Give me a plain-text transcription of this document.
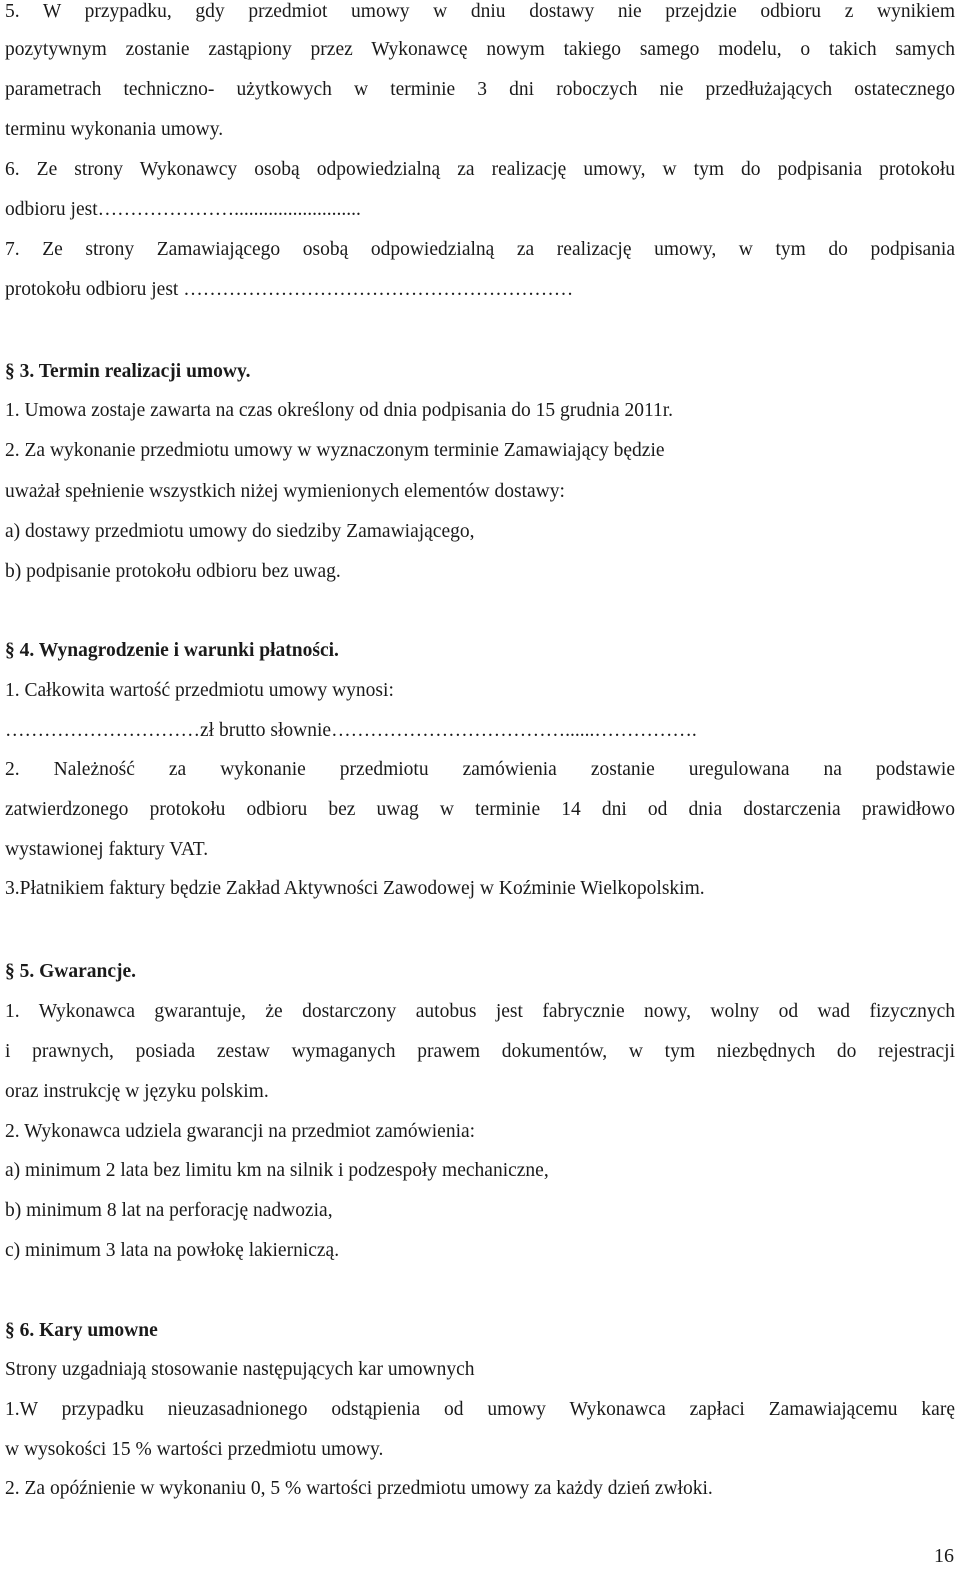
5. W przypadku, gdy przedmiot umowy w dniu dostawy nie przejdzie odbioru z wynikiem
pozytywnym zostanie zastąpiony przez Wykonawcę nowym takiego samego modelu, o takich samych
parametrach techniczno- użytkowych w terminie 3 dni roboczych nie przedłużających ostatecznego
terminu wykonania umowy.
6. Ze strony Wykonawcy osobą odpowiedzialną za realizację umowy, w tym do podpisania protokołu
odbioru jest…………………..........................
7. Ze strony Zamawiającego osobą odpowiedzialną za realizację umowy, w tym do podpisania
protokołu odbioru jest ……………………………………………………
§ 3. Termin realizacji umowy.
1. Umowa zostaje zawarta na czas określony od dnia podpisania do 15 grudnia 2011r.
2. Za wykonanie przedmiotu umowy w wyznaczonym terminie Zamawiający będzie
uważał spełnienie wszystkich niżej wymienionych elementów dostawy:
a) dostawy przedmiotu umowy do siedziby Zamawiającego,
b) podpisanie protokołu odbioru bez uwag.
§ 4. Wynagrodzenie i warunki płatności.
1. Całkowita wartość przedmiotu umowy wynosi:
…………………………zł brutto słownie………………………………......…………….
2. Należność za wykonanie przedmiotu zamówienia zostanie uregulowana na podstawie
zatwierdzonego protokołu odbioru bez uwag w terminie 14 dni od dnia dostarczenia prawidłowo
wystawionej faktury VAT.
3.Płatnikiem faktury będzie Zakład Aktywności Zawodowej w Koźminie Wielkopolskim.
§ 5. Gwarancje.
1. Wykonawca gwarantuje, że dostarczony autobus jest fabrycznie nowy, wolny od wad fizycznych
i prawnych, posiada zestaw wymaganych prawem dokumentów, w tym niezbędnych do rejestracji
oraz instrukcję w języku polskim.
2. Wykonawca udziela gwarancji na przedmiot zamówienia:
a) minimum 2 lata bez limitu km na silnik i podzespoły mechaniczne,
b) minimum 8 lat na perforację nadwozia,
c) minimum 3 lata na powłokę lakierniczą.
§ 6. Kary umowne
Strony uzgadniają stosowanie następujących kar umownych
1.W przypadku nieuzasadnionego odstąpienia od umowy Wykonawca zapłaci Zamawiającemu karę
w wysokości 15 % wartości przedmiotu umowy.
2. Za opóźnienie w wykonaniu 0, 5 % wartości przedmiotu umowy za każdy dzień zwłoki.
16
